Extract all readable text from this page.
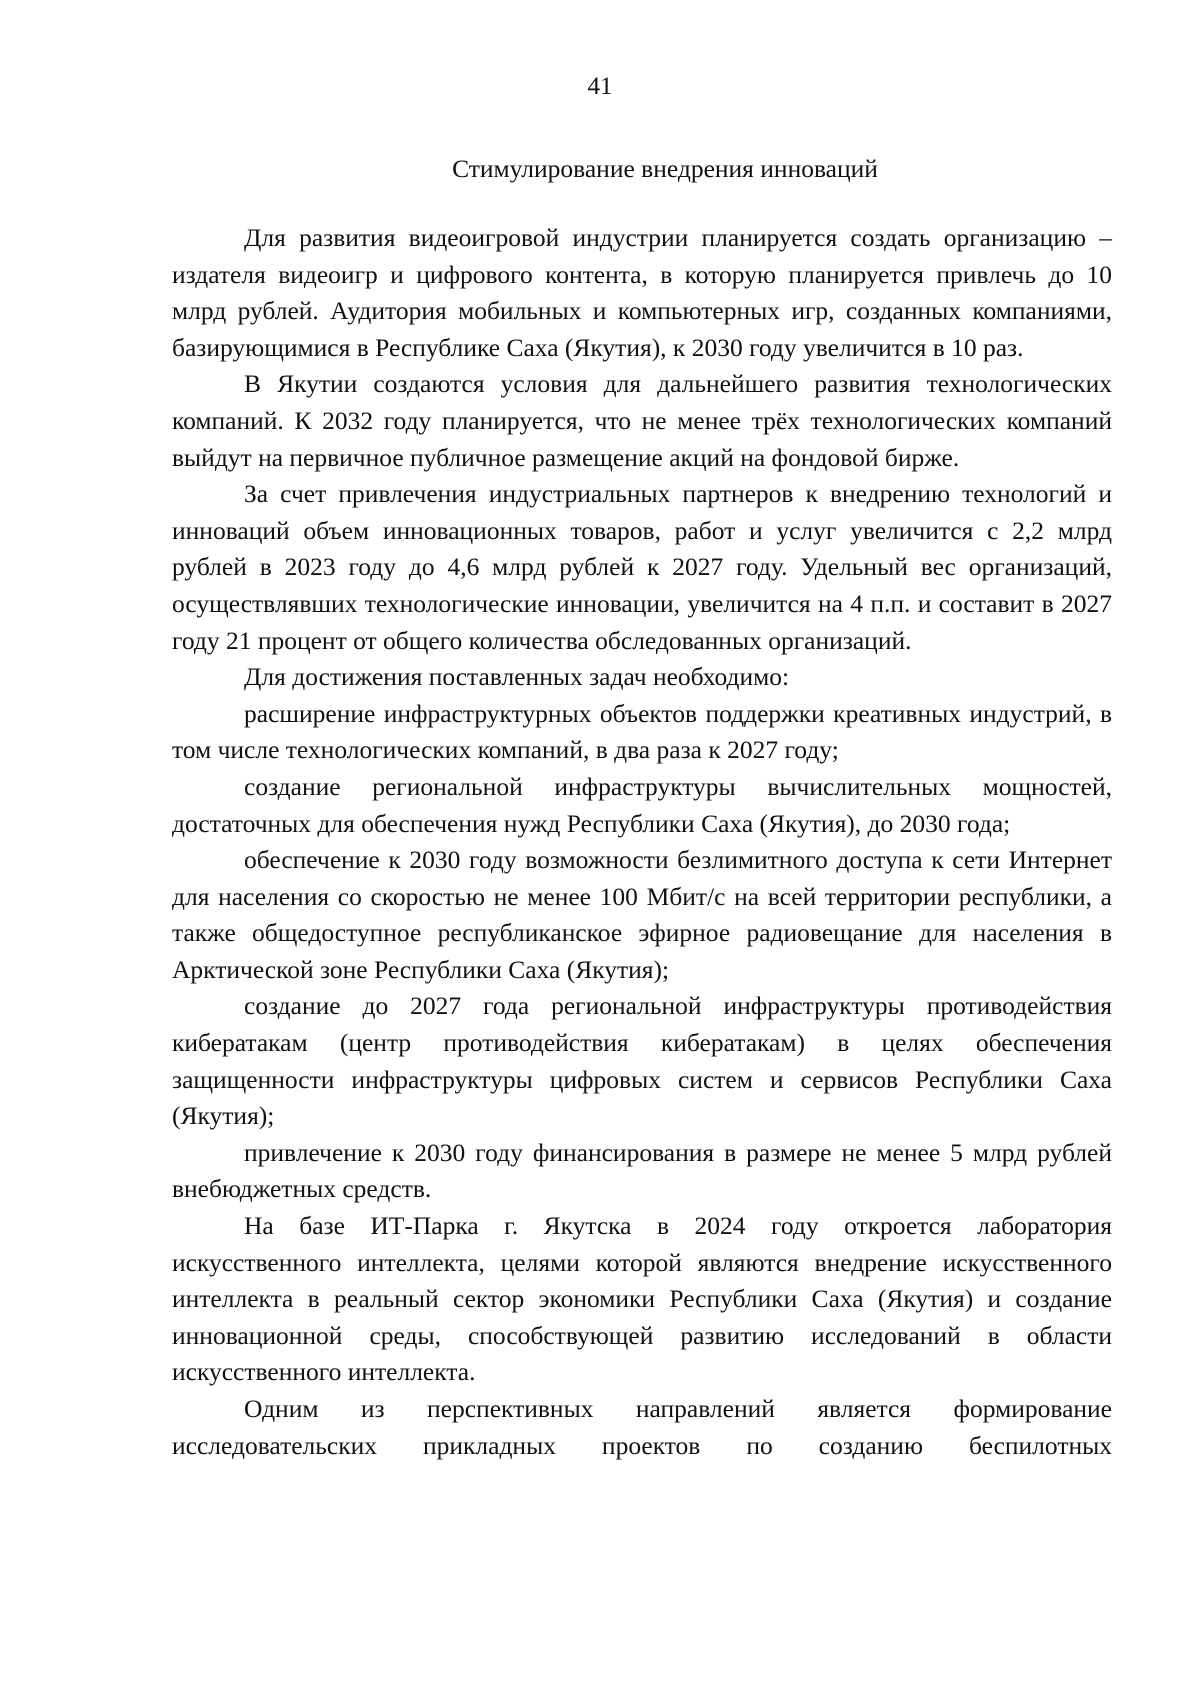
41
Стимулирование внедрения инноваций

Для развития видеоигровой индустрии планируется создать организацию – издателя видеоигр и цифрового контента, в которую планируется привлечь до 10 млрд рублей. Аудитория мобильных и компьютерных игр, созданных компаниями, базирующимися в Республике Саха (Якутия), к 2030 году увеличится в 10 раз.

В Якутии создаются условия для дальнейшего развития технологических компаний. К 2032 году планируется, что не менее трёх технологических компаний выйдут на первичное публичное размещение акций на фондовой бирже.

За счет привлечения индустриальных партнеров к внедрению технологий и инноваций объем инновационных товаров, работ и услуг увеличится с 2,2 млрд рублей в 2023 году до 4,6 млрд рублей к 2027 году. Удельный вес организаций, осуществлявших технологические инновации, увеличится на 4 п.п. и составит в 2027 году 21 процент от общего количества обследованных организаций.

Для достижения поставленных задач необходимо:

расширение инфраструктурных объектов поддержки креативных индустрий, в том числе технологических компаний, в два раза к 2027 году;

создание региональной инфраструктуры вычислительных мощностей, достаточных для обеспечения нужд Республики Саха (Якутия), до 2030 года;

обеспечение к 2030 году возможности безлимитного доступа к сети Интернет для населения со скоростью не менее 100 Мбит/с на всей территории республики, а также общедоступное республиканское эфирное радиовещание для населения в Арктической зоне Республики Саха (Якутия);

создание до 2027 года региональной инфраструктуры противодействия кибератакам (центр противодействия кибератакам) в целях обеспечения защищенности инфраструктуры цифровых систем и сервисов Республики Саха (Якутия);

привлечение к 2030 году финансирования в размере не менее 5 млрд рублей внебюджетных средств.

На базе ИТ-Парка г. Якутска в 2024 году откроется лаборатория искусственного интеллекта, целями которой являются внедрение искусственного интеллекта в реальный сектор экономики Республики Саха (Якутия) и создание инновационной среды, способствующей развитию исследований в области искусственного интеллекта.

Одним из перспективных направлений является формирование исследовательских прикладных проектов по созданию беспилотных
